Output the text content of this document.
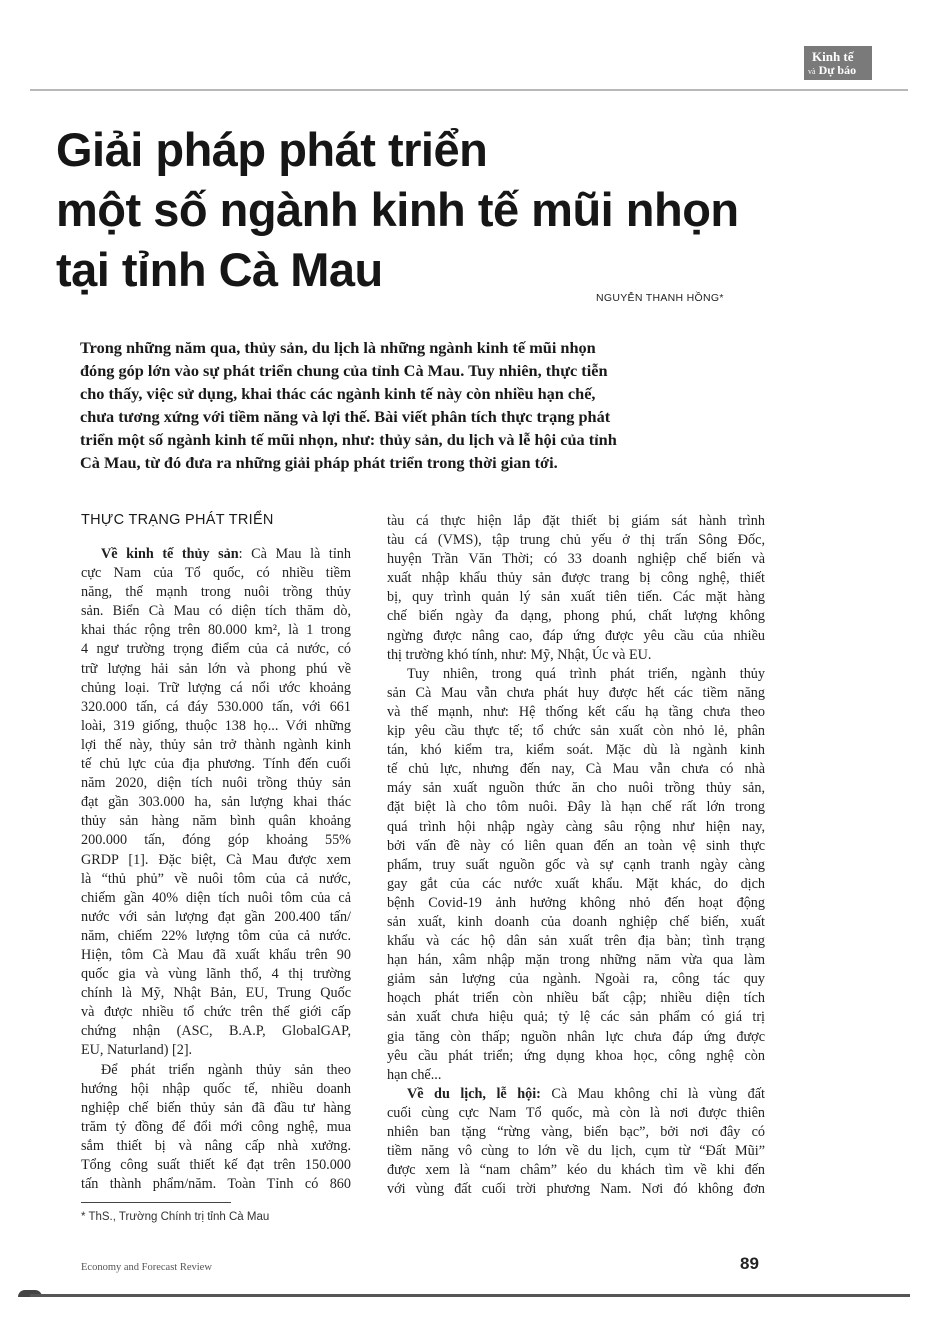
Kinh tế
và Dự báo
Giải pháp phát triển
một số ngành kinh tế mũi nhọn
tại tỉnh Cà Mau
NGUYỄN THANH HỒNG*
Trong những năm qua, thủy sản, du lịch là những ngành kinh tế mũi nhọn
đóng góp lớn vào sự phát triển chung của tỉnh Cà Mau. Tuy nhiên, thực tiễn
cho thấy, việc sử dụng, khai thác các ngành kinh tế này còn nhiều hạn chế,
chưa tương xứng với tiềm năng và lợi thế. Bài viết phân tích thực trạng phát
triển một số ngành kinh tế mũi nhọn, như: thủy sản, du lịch và lễ hội của tỉnh
Cà Mau, từ đó đưa ra những giải pháp phát triển trong thời gian tới.
THỰC TRẠNG PHÁT TRIỂN
Về kinh tế thủy sản: Cà Mau là tỉnh
cực Nam của Tổ quốc, có nhiều tiềm
năng, thế mạnh trong nuôi trồng thủy
sản. Biển Cà Mau có diện tích thăm dò,
khai thác rộng trên 80.000 km², là 1 trong
4 ngư trường trọng điểm của cả nước, có
trữ lượng hải sản lớn và phong phú về
chủng loại. Trữ lượng cá nổi ước khoảng
320.000 tấn, cá đáy 530.000 tấn, với 661
loài, 319 giống, thuộc 138 họ... Với những
lợi thế này, thủy sản trở thành ngành kinh
tế chủ lực của địa phương. Tính đến cuối
năm 2020, diện tích nuôi trồng thủy sản
đạt gần 303.000 ha, sản lượng khai thác
thủy sản hàng năm bình quân khoảng
200.000 tấn, đóng góp khoảng 55%
GRDP [1]. Đặc biệt, Cà Mau được xem
là “thủ phủ” về nuôi tôm của cả nước,
chiếm gần 40% diện tích nuôi tôm của cả
nước với sản lượng đạt gần 200.400 tấn/
năm, chiếm 22% lượng tôm của cả nước.
Hiện, tôm Cà Mau đã xuất khẩu trên 90
quốc gia và vùng lãnh thổ, 4 thị trường
chính là Mỹ, Nhật Bản, EU, Trung Quốc
và được nhiều tổ chức trên thế giới cấp
chứng nhận (ASC, B.A.P, GlobalGAP,
EU, Naturland) [2].
Để phát triển ngành thủy sản theo
hướng hội nhập quốc tế, nhiều doanh
nghiệp chế biến thủy sản đã đầu tư hàng
trăm tỷ đồng để đổi mới công nghệ, mua
sắm thiết bị và nâng cấp nhà xưởng.
Tổng công suất thiết kế đạt trên 150.000
tấn thành phẩm/năm. Toàn Tỉnh có 860
tàu cá thực hiện lắp đặt thiết bị giám sát hành trình
tàu cá (VMS), tập trung chủ yếu ở thị trấn Sông Đốc,
huyện Trần Văn Thời; có 33 doanh nghiệp chế biến và
xuất nhập khẩu thủy sản được trang bị công nghệ, thiết
bị, quy trình quản lý sản xuất tiên tiến. Các mặt hàng
chế biến ngày đa dạng, phong phú, chất lượng không
ngừng được nâng cao, đáp ứng được yêu cầu của nhiều
thị trường khó tính, như: Mỹ, Nhật, Úc và EU.
Tuy nhiên, trong quá trình phát triển, ngành thủy
sản Cà Mau vẫn chưa phát huy được hết các tiềm năng
và thế mạnh, như: Hệ thống kết cấu hạ tầng chưa theo
kịp yêu cầu thực tế; tổ chức sản xuất còn nhỏ lẻ, phân
tán, khó kiểm tra, kiểm soát. Mặc dù là ngành kinh
tế chủ lực, nhưng đến nay, Cà Mau vẫn chưa có nhà
máy sản xuất nguồn thức ăn cho nuôi trồng thủy sản,
đặt biệt là cho tôm nuôi. Đây là hạn chế rất lớn trong
quá trình hội nhập ngày càng sâu rộng như hiện nay,
bởi vấn đề này có liên quan đến an toàn vệ sinh thực
phẩm, truy suất nguồn gốc và sự cạnh tranh ngày càng
gay gắt của các nước xuất khẩu. Mặt khác, do dịch
bệnh Covid-19 ảnh hưởng không nhỏ đến hoạt động
sản xuất, kinh doanh của doanh nghiệp chế biến, xuất
khẩu và các hộ dân sản xuất trên địa bàn; tình trạng
hạn hán, xâm nhập mặn trong những năm vừa qua làm
giảm sản lượng của ngành. Ngoài ra, công tác quy
hoạch phát triển còn nhiều bất cập; nhiều diện tích
sản xuất chưa hiệu quả; tỷ lệ các sản phẩm có giá trị
gia tăng còn thấp; nguồn nhân lực chưa đáp ứng được
yêu cầu phát triển; ứng dụng khoa học, công nghệ còn
hạn chế...
Về du lịch, lễ hội: Cà Mau không chỉ là vùng đất
cuối cùng cực Nam Tổ quốc, mà còn là nơi được thiên
nhiên ban tặng “rừng vàng, biển bạc”, bởi nơi đây có
tiềm năng vô cùng to lớn về du lịch, cụm từ “Đất Mũi”
được xem là “nam châm” kéo du khách tìm về khi đến
với vùng đất cuối trời phương Nam. Nơi đó không đơn
* ThS., Trường Chính trị tỉnh Cà Mau
Economy and Forecast Review	89
